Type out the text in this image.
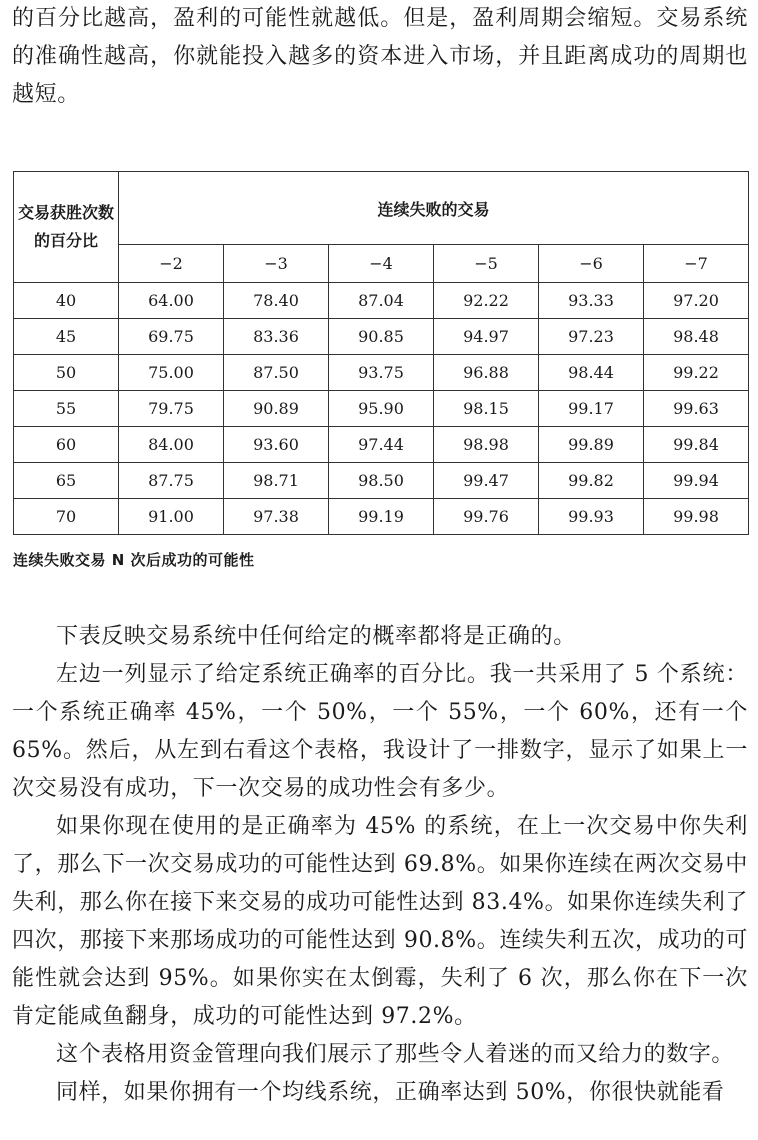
的百分比越高，盈利的可能性就越低。但是，盈利周期会缩短。交易系统的准确性越高，你就能投入越多的资本进入市场，并且距离成功的周期也越短。

交易获胜次数的百分比	连续失败的交易					
	−2	−3	−4	−5	−6	−7
40	64.00	78.40	87.04	92.22	93.33	97.20
45	69.75	83.36	90.85	94.97	97.23	98.48
50	75.00	87.50	93.75	96.88	98.44	99.22
55	79.75	90.89	95.90	98.15	99.17	99.63
60	84.00	93.60	97.44	98.98	99.89	99.84
65	87.75	98.71	98.50	99.47	99.82	99.94
70	91.00	97.38	99.19	99.76	99.93	99.98
连续失败交易 N 次后成功的可能性

下表反映交易系统中任何给定的概率都将是正确的。

左边一列显示了给定系统正确率的百分比。我一共采用了 5 个系统：一个系统正确率 45%，一个 50%，一个 55%，一个 60%，还有一个 65%。然后，从左到右看这个表格，我设计了一排数字，显示了如果上一次交易没有成功，下一次交易的成功性会有多少。

如果你现在使用的是正确率为 45% 的系统，在上一次交易中你失利了，那么下一次交易成功的可能性达到 69.8%。如果你连续在两次交易中失利，那么你在接下来交易的成功可能性达到 83.4%。如果你连续失利了四次，那接下来那场成功的可能性达到 90.8%。连续失利五次，成功的可能性就会达到 95%。如果你实在太倒霉，失利了 6 次，那么你在下一次肯定能咸鱼翻身，成功的可能性达到 97.2%。

这个表格用资金管理向我们展示了那些令人着迷的而又给力的数字。

同样，如果你拥有一个均线系统，正确率达到 50%，你很快就能看
